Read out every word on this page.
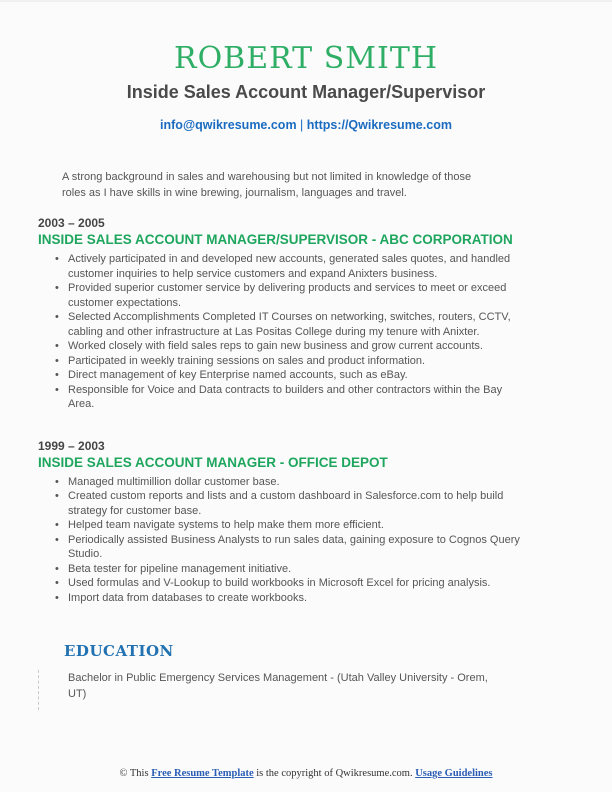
ROBERT SMITH
Inside Sales Account Manager/Supervisor
info@qwikresume.com | https://Qwikresume.com
A strong background in sales and warehousing but not limited in knowledge of those roles as I have skills in wine brewing, journalism, languages and travel.
2003 – 2005
INSIDE SALES ACCOUNT MANAGER/SUPERVISOR - ABC CORPORATION
• Actively participated in and developed new accounts, generated sales quotes, and handled customer inquiries to help service customers and expand Anixters business.
• Provided superior customer service by delivering products and services to meet or exceed customer expectations.
• Selected Accomplishments Completed IT Courses on networking, switches, routers, CCTV, cabling and other infrastructure at Las Positas College during my tenure with Anixter.
• Worked closely with field sales reps to gain new business and grow current accounts.
• Participated in weekly training sessions on sales and product information.
• Direct management of key Enterprise named accounts, such as eBay.
• Responsible for Voice and Data contracts to builders and other contractors within the Bay Area.
1999 – 2003
INSIDE SALES ACCOUNT MANAGER - OFFICE DEPOT
• Managed multimillion dollar customer base.
• Created custom reports and lists and a custom dashboard in Salesforce.com to help build strategy for customer base.
• Helped team navigate systems to help make them more efficient.
• Periodically assisted Business Analysts to run sales data, gaining exposure to Cognos Query Studio.
• Beta tester for pipeline management initiative.
• Used formulas and V-Lookup to build workbooks in Microsoft Excel for pricing analysis.
• Import data from databases to create workbooks.
EDUCATION
Bachelor in Public Emergency Services Management - (Utah Valley University - Orem, UT)
© This Free Resume Template is the copyright of Qwikresume.com. Usage Guidelines
